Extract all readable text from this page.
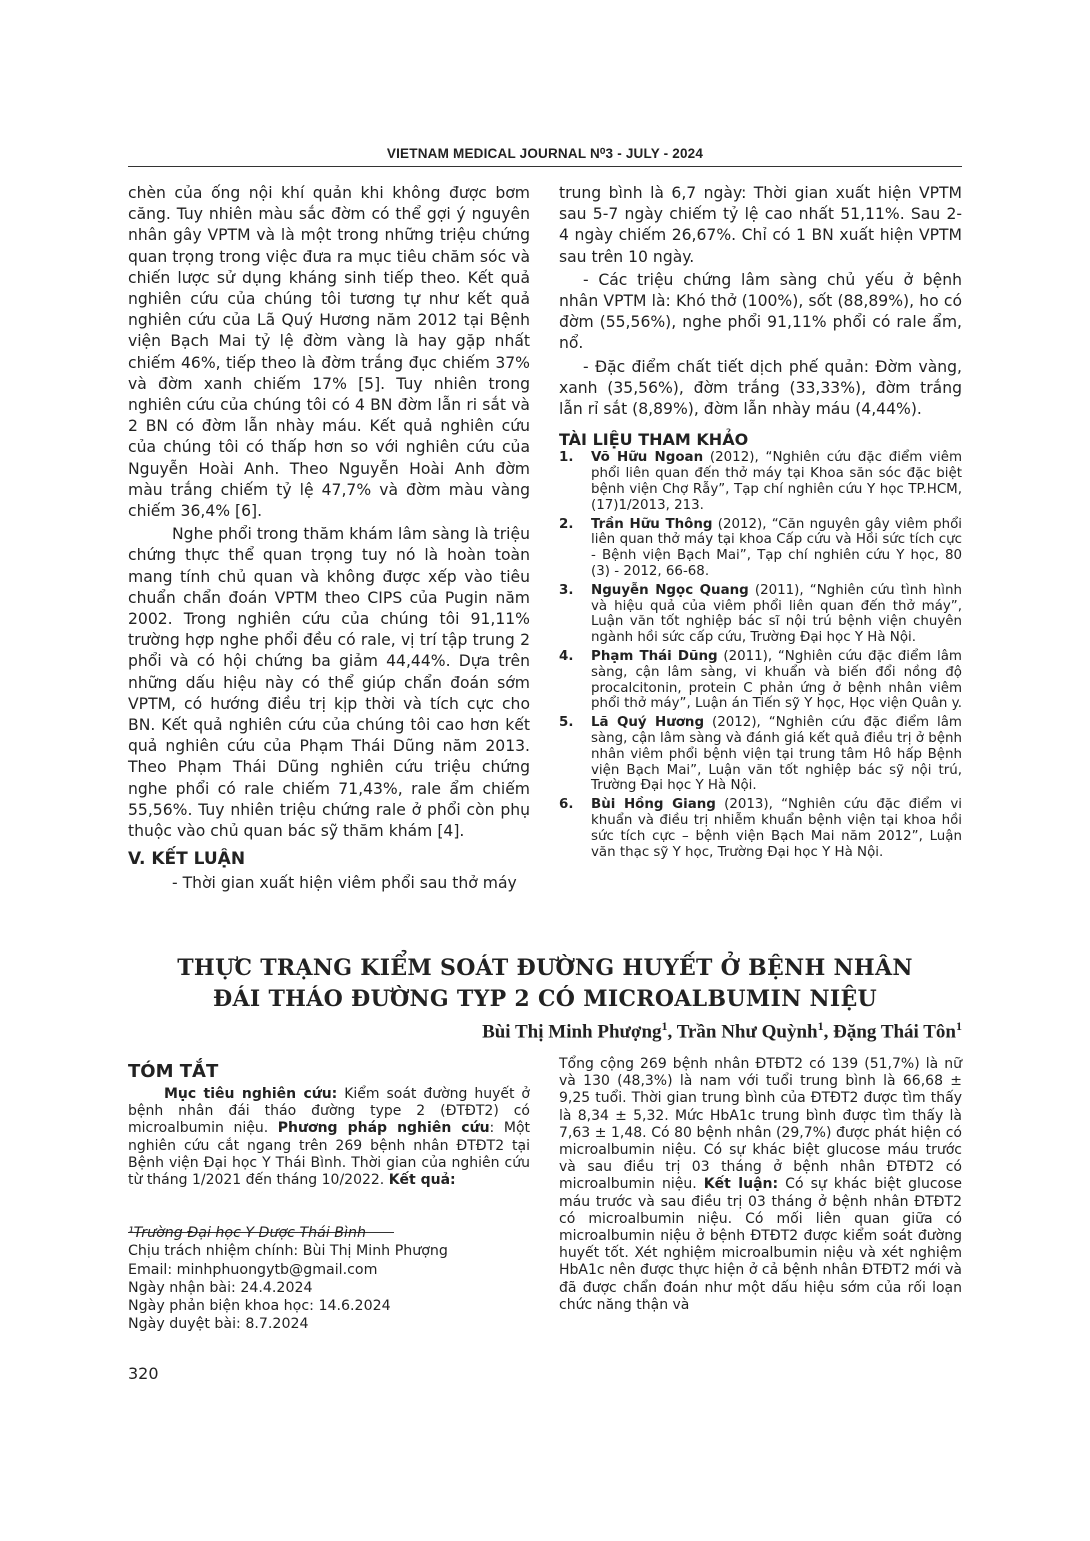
VIETNAM MEDICAL JOURNAL N⁰3 - JULY - 2024

chèn của ống nội khí quản khi không được bơm căng. Tuy nhiên màu sắc đờm có thể gợi ý nguyên nhân gây VPTM và là một trong những triệu chứng quan trọng trong việc đưa ra mục tiêu chăm sóc và chiến lược sử dụng kháng sinh tiếp theo. Kết quả nghiên cứu của chúng tôi tương tự như kết quả nghiên cứu của Lã Quý Hương năm 2012 tại Bệnh viện Bạch Mai tỷ lệ đờm vàng là hay gặp nhất chiếm 46%, tiếp theo là đờm trắng đục chiếm 37% và đờm xanh chiếm 17% [5]. Tuy nhiên trong nghiên cứu của chúng tôi có 4 BN đờm lẫn ri sắt và 2 BN có đờm lẫn nhày máu. Kết quả nghiên cứu của chúng tôi có thấp hơn so với nghiên cứu của Nguyễn Hoài Anh. Theo Nguyễn Hoài Anh đờm màu trắng chiếm tỷ lệ 47,7% và đờm màu vàng chiếm 36,4% [6].

Nghe phổi trong thăm khám lâm sàng là triệu chứng thực thể quan trọng tuy nó là hoàn toàn mang tính chủ quan và không được xếp vào tiêu chuẩn chẩn đoán VPTM theo CIPS của Pugin năm 2002. Trong nghiên cứu của chúng tôi 91,11% trường hợp nghe phổi đều có rale, vị trí tập trung 2 phổi và có hội chứng ba giảm 44,44%. Dựa trên những dấu hiệu này có thể giúp chẩn đoán sớm VPTM, có hướng điều trị kịp thời và tích cực cho BN. Kết quả nghiên cứu của chúng tôi cao hơn kết quả nghiên cứu của Phạm Thái Dũng năm 2013. Theo Phạm Thái Dũng nghiên cứu triệu chứng nghe phổi có rale chiếm 71,43%, rale ẩm chiếm 55,56%. Tuy nhiên triệu chứng rale ở phổi còn phụ thuộc vào chủ quan bác sỹ thăm khám [4].

V. KẾT LUẬN

- Thời gian xuất hiện viêm phổi sau thở máy

trung bình là 6,7 ngày: Thời gian xuất hiện VPTM sau 5-7 ngày chiếm tỷ lệ cao nhất 51,11%. Sau 2- 4 ngày chiếm 26,67%. Chỉ có 1 BN xuất hiện VPTM sau trên 10 ngày.

- Các triệu chứng lâm sàng chủ yếu ở bệnh nhân VPTM là: Khó thở (100%), sốt (88,89%), ho có đờm (55,56%), nghe phổi 91,11% phổi có rale ẩm, nổ.

- Đặc điểm chất tiết dịch phế quản: Đờm vàng, xanh (35,56%), đờm trắng (33,33%), đờm trắng lẫn rỉ sắt (8,89%), đờm lẫn nhày máu (4,44%).

TÀI LIỆU THAM KHẢO

1. Võ Hữu Ngoan (2012), “Nghiên cứu đặc điểm viêm phổi liên quan đến thở máy tại Khoa săn sóc đặc biệt bệnh viện Chợ Rẫy”, Tạp chí nghiên cứu Y học TP.HCM, (17)1/2013, 213.
2. Trần Hữu Thông (2012), “Căn nguyên gây viêm phổi liên quan thở máy tại khoa Cấp cứu và Hồi sức tích cực - Bệnh viện Bạch Mai”, Tạp chí nghiên cứu Y học, 80 (3) - 2012, 66-68.
3. Nguyễn Ngọc Quang (2011), “Nghiên cứu tình hình và hiệu quả của viêm phổi liên quan đến thở máy”, Luận văn tốt nghiệp bác sĩ nội trú bệnh viện chuyên ngành hồi sức cấp cứu, Trường Đại học Y Hà Nội.
4. Phạm Thái Dũng (2011), “Nghiên cứu đặc điểm lâm sàng, cận lâm sàng, vi khuẩn và biến đổi nồng độ procalcitonin, protein C phản ứng ở bệnh nhân viêm phổi thở máy”, Luận án Tiến sỹ Y học, Học viện Quân y.
5. Lã Quý Hương (2012), “Nghiên cứu đặc điểm lâm sàng, cận lâm sàng và đánh giá kết quả điều trị ở bệnh nhân viêm phổi bệnh viện tại trung tâm Hô hấp Bệnh viện Bạch Mai”, Luận văn tốt nghiệp bác sỹ nội trú, Trường Đại học Y Hà Nội.
6. Bùi Hồng Giang (2013), “Nghiên cứu đặc điểm vi khuẩn và điều trị nhiễm khuẩn bệnh viện tại khoa hồi sức tích cực – bệnh viện Bạch Mai năm 2012”, Luận văn thạc sỹ Y học, Trường Đại học Y Hà Nội.
THỰC TRẠNG KIỂM SOÁT ĐƯỜNG HUYẾT Ở BỆNH NHÂN
ĐÁI THÁO ĐƯỜNG TYP 2 CÓ MICROALBUMIN NIỆU
Bùi Thị Minh Phượng$^1$, Trần Như Quỳnh$^1$, Đặng Thái Tôn$^1$
TÓM TẮT
Mục tiêu nghiên cứu: Kiểm soát đường huyết ở bệnh nhân đái tháo đường type 2 (ĐTĐT2) có microalbumin niệu. Phương pháp nghiên cứu: Một nghiên cứu cắt ngang trên 269 bệnh nhân ĐTĐT2 tại Bệnh viện Đại học Y Thái Bình. Thời gian của nghiên cứu từ tháng 1/2021 đến tháng 10/2022. Kết quả:
Tổng cộng 269 bệnh nhân ĐTĐT2 có 139 (51,7%) là nữ và 130 (48,3%) là nam với tuổi trung bình là 66,68 ± 9,25 tuổi. Thời gian trung bình của ĐTĐT2 được tìm thấy là 8,34 ± 5,32. Mức HbA1c trung bình được tìm thấy là 7,63 ± 1,48. Có 80 bệnh nhân (29,7%) được phát hiện có microalbumin niệu. Có sự khác biệt glucose máu trước và sau điều trị 03 tháng ở bệnh nhân ĐTĐT2 có microalbumin niệu. Kết luận: Có sự khác biệt glucose máu trước và sau điều trị 03 tháng ở bệnh nhân ĐTĐT2 có microalbumin niệu. Có mối liên quan giữa có microalbumin niệu ở bệnh ĐTĐT2 được kiểm soát đường huyết tốt. Xét nghiệm microalbumin niệu và xét nghiệm HbA1c nên được thực hiện ở cả bệnh nhân ĐTĐT2 mới và đã được chẩn đoán như một dấu hiệu sớm của rối loạn chức năng thận và
¹Trường Đại học Y Dược Thái Bình
Chịu trách nhiệm chính: Bùi Thị Minh Phượng
Email: minhphuongytb@gmail.com
Ngày nhận bài: 24.4.2024
Ngày phản biện khoa học: 14.6.2024
Ngày duyệt bài: 8.7.2024
320
